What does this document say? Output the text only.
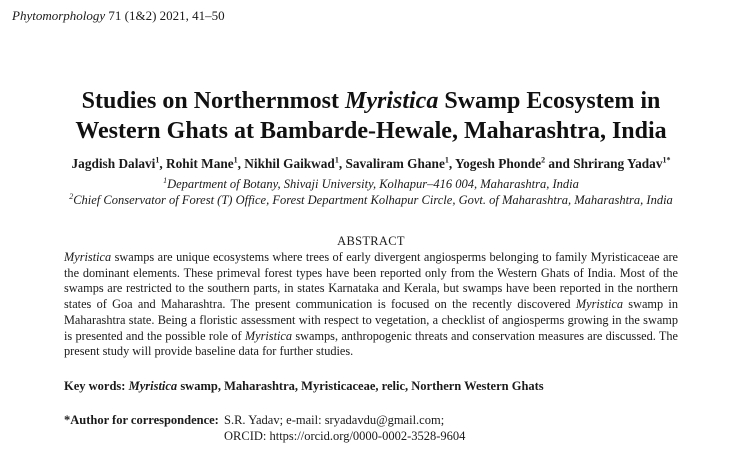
Phytomorphology 71 (1&2) 2021, 41–50
Studies on Northernmost Myristica Swamp Ecosystem in
Western Ghats at Bambarde-Hewale, Maharashtra, India
Jagdish Dalavi$^1$, Rohit Mane$^1$, Nikhil Gaikwad$^1$, Savaliram Ghane$^1$, Yogesh Phonde$^2$ and Shrirang Yadav$^{1*}$
$^1$Department of Botany, Shivaji University, Kolhapur–416 004, Maharashtra, India
$^2$Chief Conservator of Forest (T) Office, Forest Department Kolhapur Circle, Govt. of Maharashtra, Maharashtra, India
ABSTRACT
Myristica swamps are unique ecosystems where trees of early divergent angiosperms belonging to family Myristicaceae are the dominant elements. These primeval forest types have been reported only from the Western Ghats of India. Most of the swamps are restricted to the southern parts, in states Karnataka and Kerala, but swamps have been reported in the northern states of Goa and Maharashtra. The present communication is focused on the recently discovered Myristica swamp in Maharashtra state. Being a floristic assessment with respect to vegetation, a checklist of angiosperms growing in the swamp is presented and the possible role of Myristica swamps, anthropogenic threats and conservation measures are discussed. The present study will provide baseline data for further studies.
Key words: Myristica swamp, Maharashtra, Myristicaceae, relic, Northern Western Ghats
*Author for correspondence: S.R. Yadav; e-mail: sryadavdu@gmail.com;
ORCID: https://orcid.org/0000-0002-3528-9604
